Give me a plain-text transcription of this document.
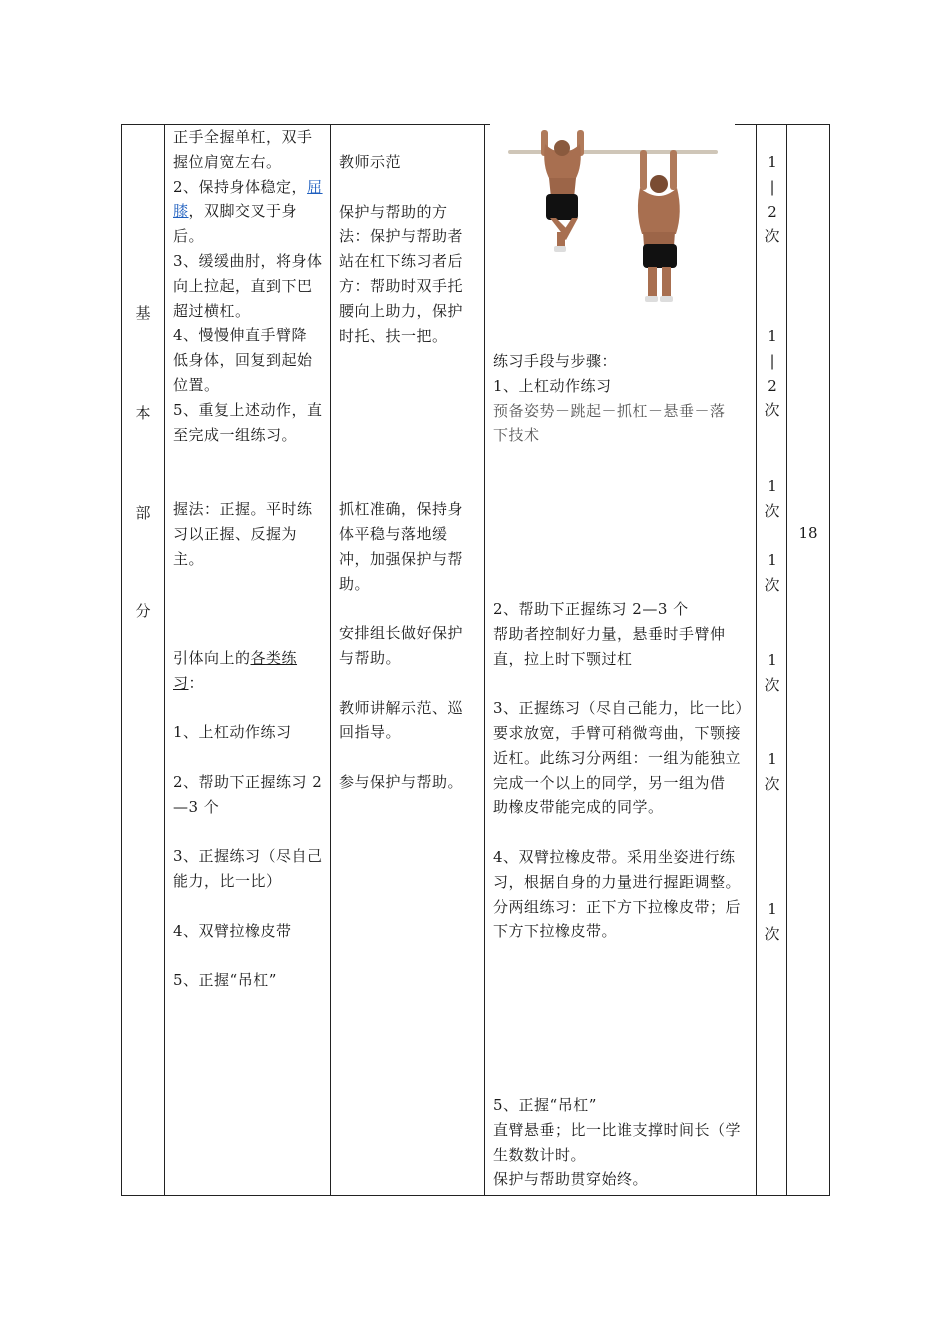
基
本
部
分

正手全握单杠，双手

握位肩宽左右。

2、保持身体稳定，屈

膝，双脚交叉于身

后。

3、缓缓曲肘，将身体

向上拉起，直到下巴

超过横杠。

4、慢慢伸直手臂降

低身体，回复到起始

位置。

5、重复上述动作，直

至完成一组练习。

握法：正握。平时练

习以正握、反握为

主。

引体向上的各类练

习：

1、上杠动作练习

2、帮助下正握练习 2

—3 个

3、正握练习（尽自己

能力，比一比）

4、双臂拉橡皮带

5、正握“吊杠”

教师示范

保护与帮助的方

法：保护与帮助者

站在杠下练习者后

方：帮助时双手托

腰向上助力，保护

时托、扶一把。

抓杠准确，保持身

体平稳与落地缓

冲，加强保护与帮

助。

安排组长做好保护

与帮助。

教师讲解示范、巡

回指导。

参与保护与帮助。

练习手段与步骤：

1、上杠动作练习

预备姿势－跳起－抓杠－悬垂－落

下技术

2、帮助下正握练习 2—3 个

帮助者控制好力量，悬垂时手臂伸

直，拉上时下颚过杠

3、正握练习（尽自己能力，比一比）

要求放宽，手臂可稍微弯曲，下颚接

近杠。此练习分两组：一组为能独立

完成一个以上的同学，另一组为借

助橡皮带能完成的同学。

4、双臂拉橡皮带。采用坐姿进行练

习，根据自身的力量进行握距调整。

分两组练习：正下方下拉橡皮带；后

下方下拉橡皮带。

5、正握“吊杠”

直臂悬垂；比一比谁支撑时间长（学

生数数计时。

保护与帮助贯穿始终。

1

|

2

次

1

|

2

次

1

次

1

次

1

次

1

次

1

次

18
